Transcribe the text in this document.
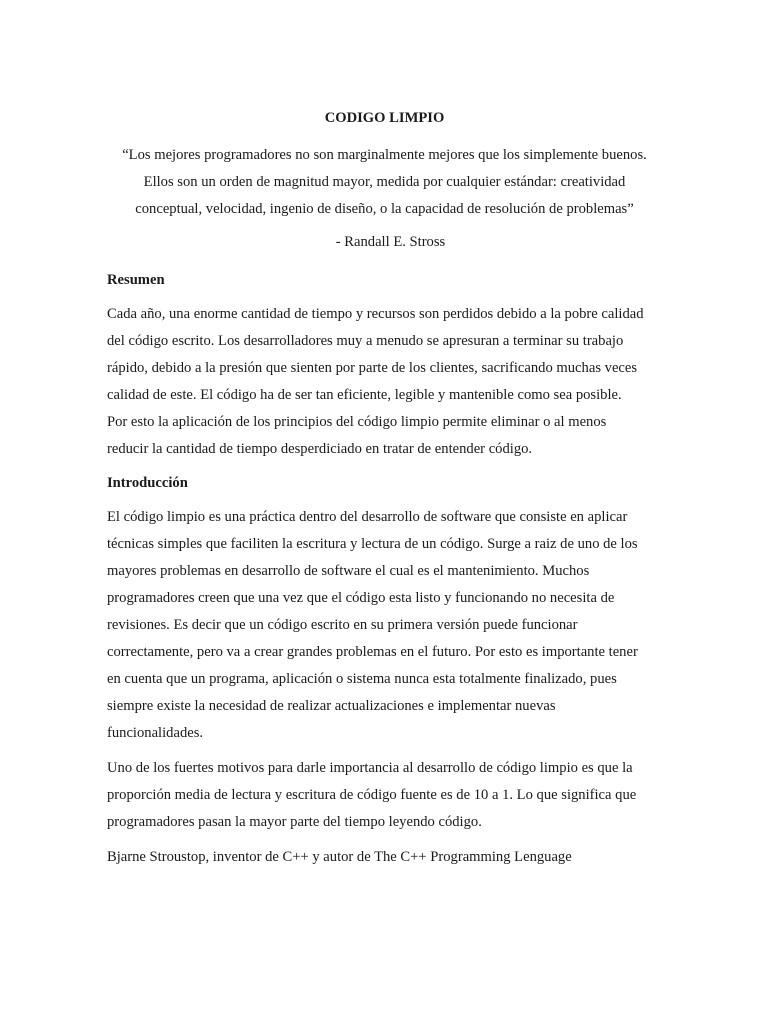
CODIGO LIMPIO
“Los mejores programadores no son marginalmente mejores que los simplemente buenos.
Ellos son un orden de magnitud mayor, medida por cualquier estándar: creatividad
conceptual, velocidad, ingenio de diseño, o la capacidad de resolución de problemas”
- Randall E. Stross
Resumen
Cada año, una enorme cantidad de tiempo y recursos son perdidos debido a la pobre calidad
del código escrito. Los desarrolladores muy a menudo se apresuran a terminar su trabajo
rápido, debido a la presión que sienten por parte de los clientes, sacrificando muchas veces
calidad de este. El código ha de ser tan eficiente, legible y mantenible como sea posible.
Por esto la aplicación de los principios del código limpio permite eliminar o al menos
reducir la cantidad de tiempo desperdiciado en tratar de entender código.
Introducción
El código limpio es una práctica dentro del desarrollo de software que consiste en aplicar
técnicas simples que faciliten la escritura y lectura de un código. Surge a raiz de uno de los
mayores problemas en desarrollo de software el cual es el mantenimiento. Muchos
programadores creen que una vez que el código esta listo y funcionando no necesita de
revisiones. Es decir que un código escrito en su primera versión puede funcionar
correctamente, pero va a crear grandes problemas en el futuro. Por esto es importante tener
en cuenta que un programa, aplicación o sistema nunca esta totalmente finalizado, pues
siempre existe la necesidad de realizar actualizaciones e implementar nuevas
funcionalidades.
Uno de los fuertes motivos para darle importancia al desarrollo de código limpio es que la
proporción media de lectura y escritura de código fuente es de 10 a 1. Lo que significa que
programadores pasan la mayor parte del tiempo leyendo código.
Bjarne Stroustop, inventor de C++ y autor de The C++ Programming Lenguage
